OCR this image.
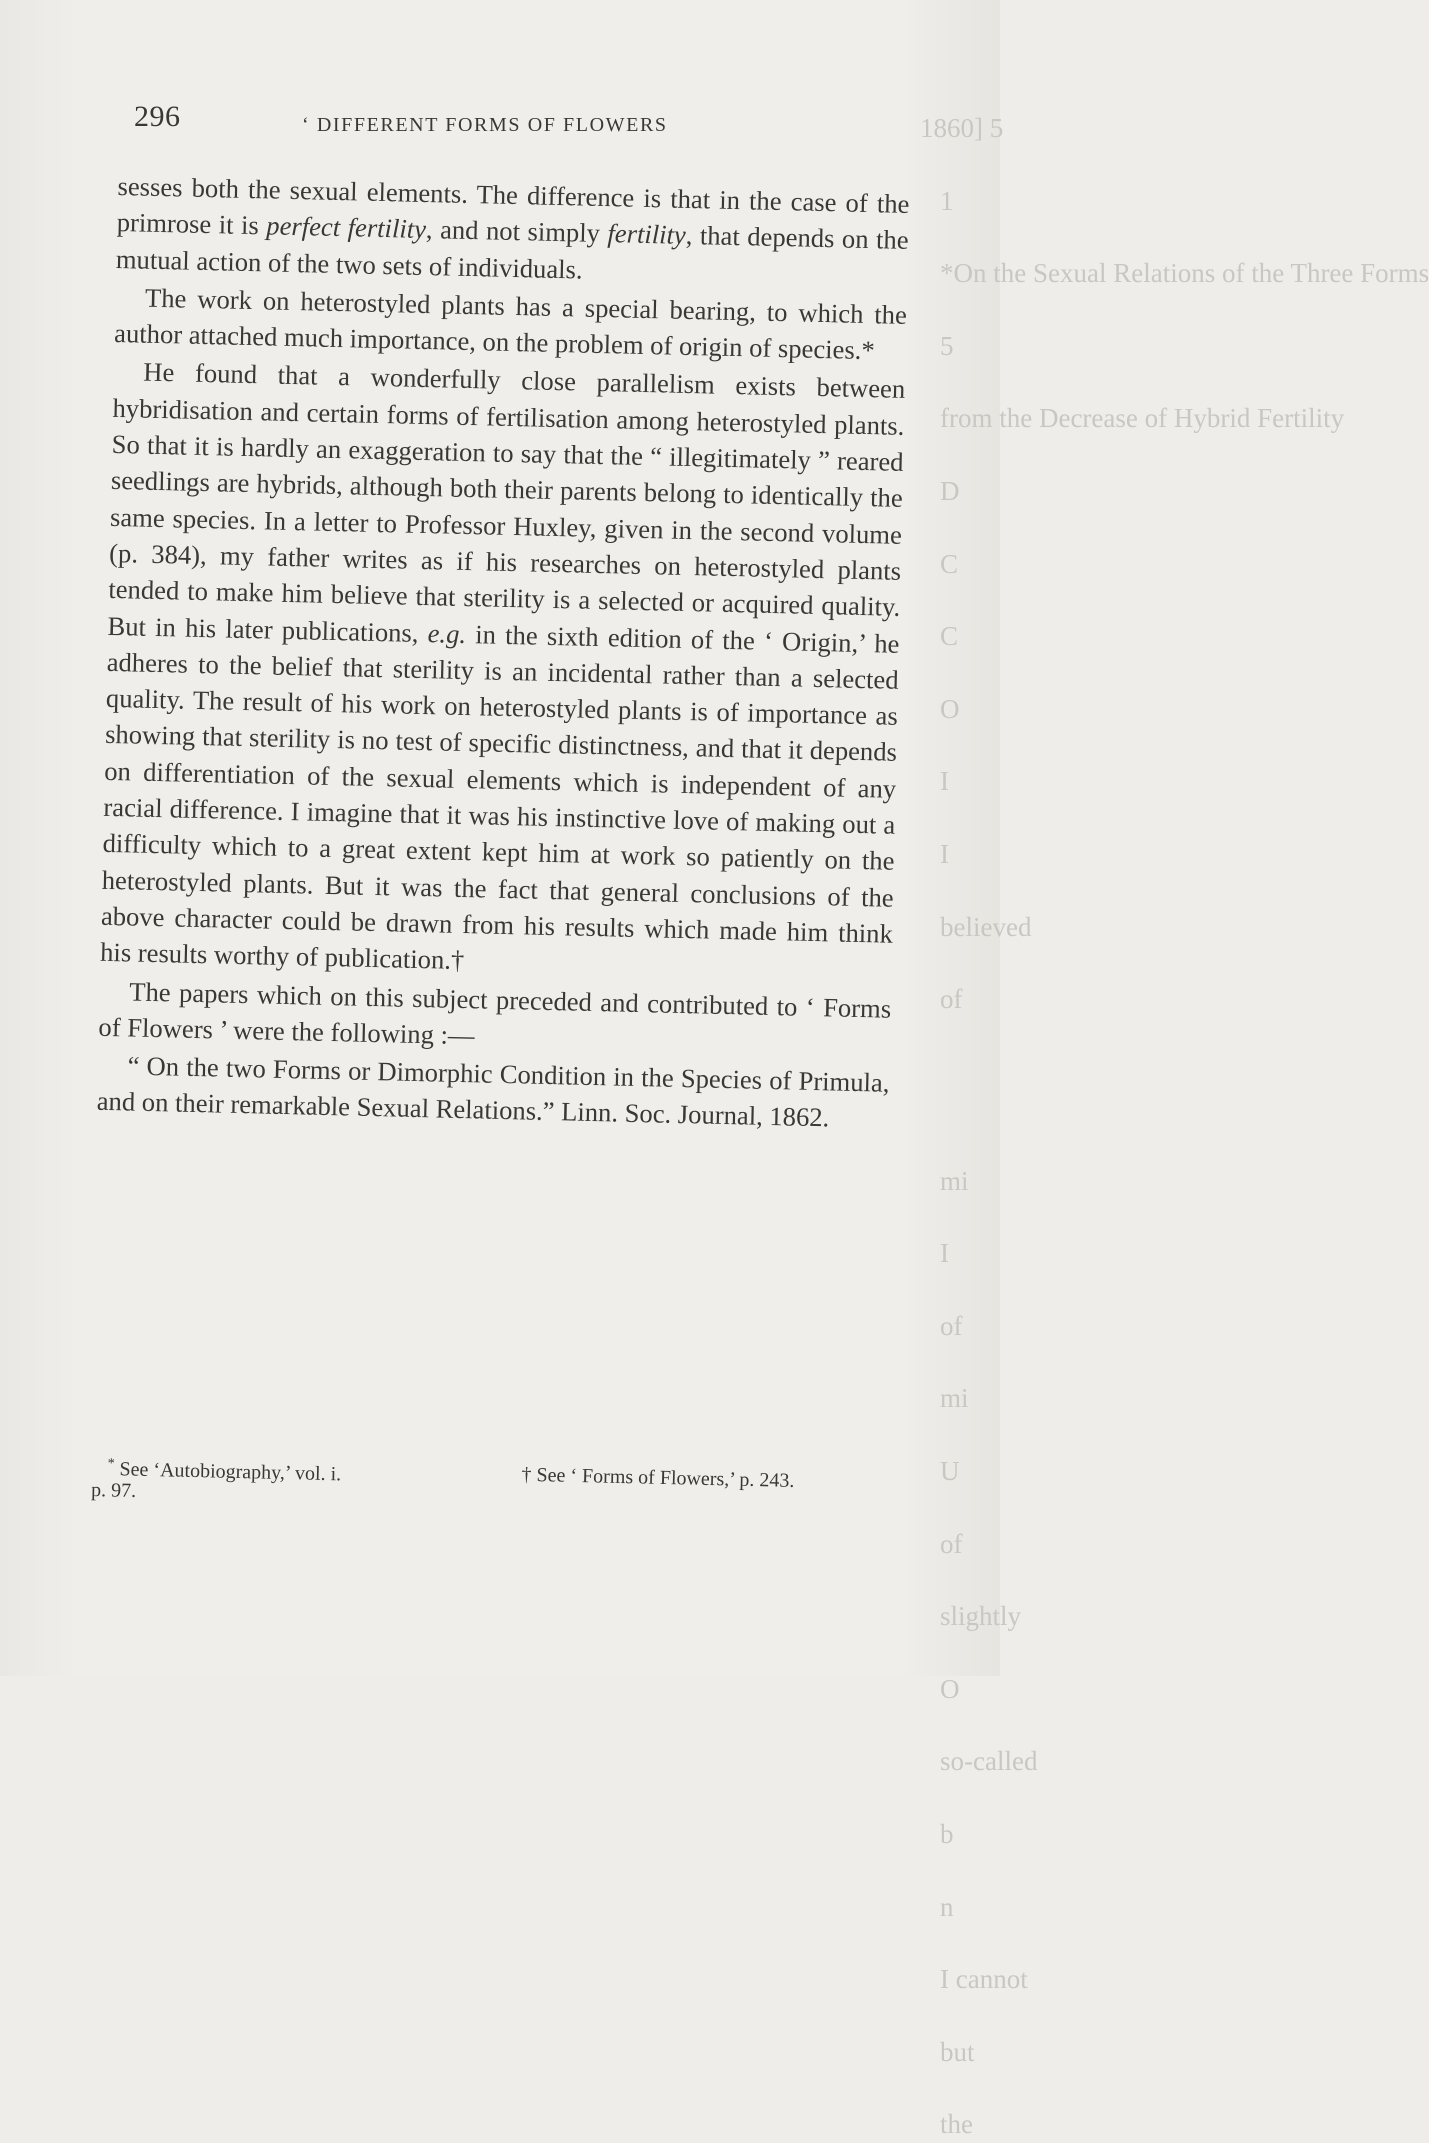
1860] 5

1

*On the Sexual Relations of the Three Forms

5

from the Decrease of Hybrid Fertility

D

C

C

O

I

I

believed

of

mi

I

of

mi

U

of

slightly

O

so-called

b

n

I cannot

but

the
296	‘ DIFFERENT FORMS OF FLOWERS

sesses both the sexual elements. The difference is that in the case of the primrose it is perfect fertility, and not simply fertility, that depends on the mutual action of the two sets of individuals.

The work on heterostyled plants has a special bearing, to which the author attached much importance, on the problem of origin of species.*

He found that a wonderfully close parallelism exists between hybridisation and certain forms of fertilisation among heterostyled plants. So that it is hardly an exaggeration to say that the “ illegitimately ” reared seedlings are hybrids, although both their parents belong to identically the same species. In a letter to Professor Huxley, given in the second volume (p. 384), my father writes as if his researches on heterostyled plants tended to make him believe that sterility is a selected or acquired quality. But in his later publications, e.g. in the sixth edition of the ‘ Origin,’ he adheres to the belief that sterility is an incidental rather than a selected quality. The result of his work on heterostyled plants is of importance as showing that sterility is no test of specific distinctness, and that it depends on differentiation of the sexual elements which is independent of any racial difference. I imagine that it was his instinctive love of making out a difficulty which to a great extent kept him at work so patiently on the heterostyled plants. But it was the fact that general conclusions of the above character could be drawn from his results which made him think his results worthy of publication.†

The papers which on this subject preceded and contributed to ‘ Forms of Flowers ’ were the following :—

“ On the two Forms or Dimorphic Condition in the Species of Primula, and on their remarkable Sexual Relations.” Linn. Soc. Journal, 1862.

* See ‘Autobiography,’ vol. i.
p. 97.
† See ‘ Forms of Flowers,’ p. 243.
